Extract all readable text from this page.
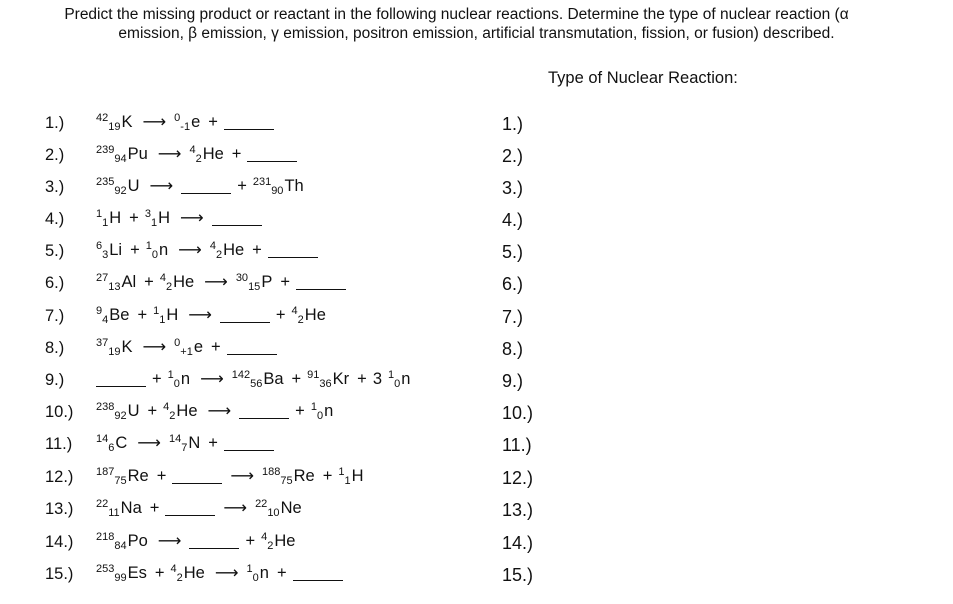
Predict the missing product or reactant in the following nuclear reactions. Determine the type of nuclear reaction (α
emission, β emission, γ emission, positron emission, artificial transmutation, fission, or fusion) described.
Type of Nuclear Reaction:
1.)	$^{42}_{19}$K ⟶ $^0_{-1}$e +	1.)
2.)	$^{239}_{94}$Pu ⟶ $^4_2$He +	2.)
3.)	$^{235}_{92}$U ⟶	+ $^{231}_{90}$Th	3.)
4.)	$^1_1$H + $^3_1$H ⟶	4.)
5.)	$^6_3$Li + $^1_0$n ⟶ $^4_2$He +	5.)
6.)	$^{27}_{13}$Al + $^4_2$He ⟶ $^{30}_{15}$P +	6.)
7.)	$^9_4$Be + $^1_1$H ⟶	+ $^4_2$He	7.)
8.)	$^{37}_{19}$K ⟶ $^0_{+1}$e +	8.)
9.)	+ $^1_0$n ⟶ $^{142}_{56}$Ba + $^{91}_{36}$Kr + 3 $^1_0$n	9.)
10.) $^{238}_{92}$U + $^4_2$He ⟶	+ $^1_0$n	10.)
11.) $^{14}_6$C ⟶ $^{14}_7$N +	11.)
12.) $^{187}_{75}$Re +	⟶ $^{188}_{75}$Re + $^1_1$H	12.)
13.) $^{22}_{11}$Na +	⟶ $^{22}_{10}$Ne	13.)
14.) $^{218}_{84}$Po ⟶	+ $^4_2$He	14.)
15.) $^{253}_{99}$Es + $^4_2$He ⟶ $^1_0$n +	15.)
